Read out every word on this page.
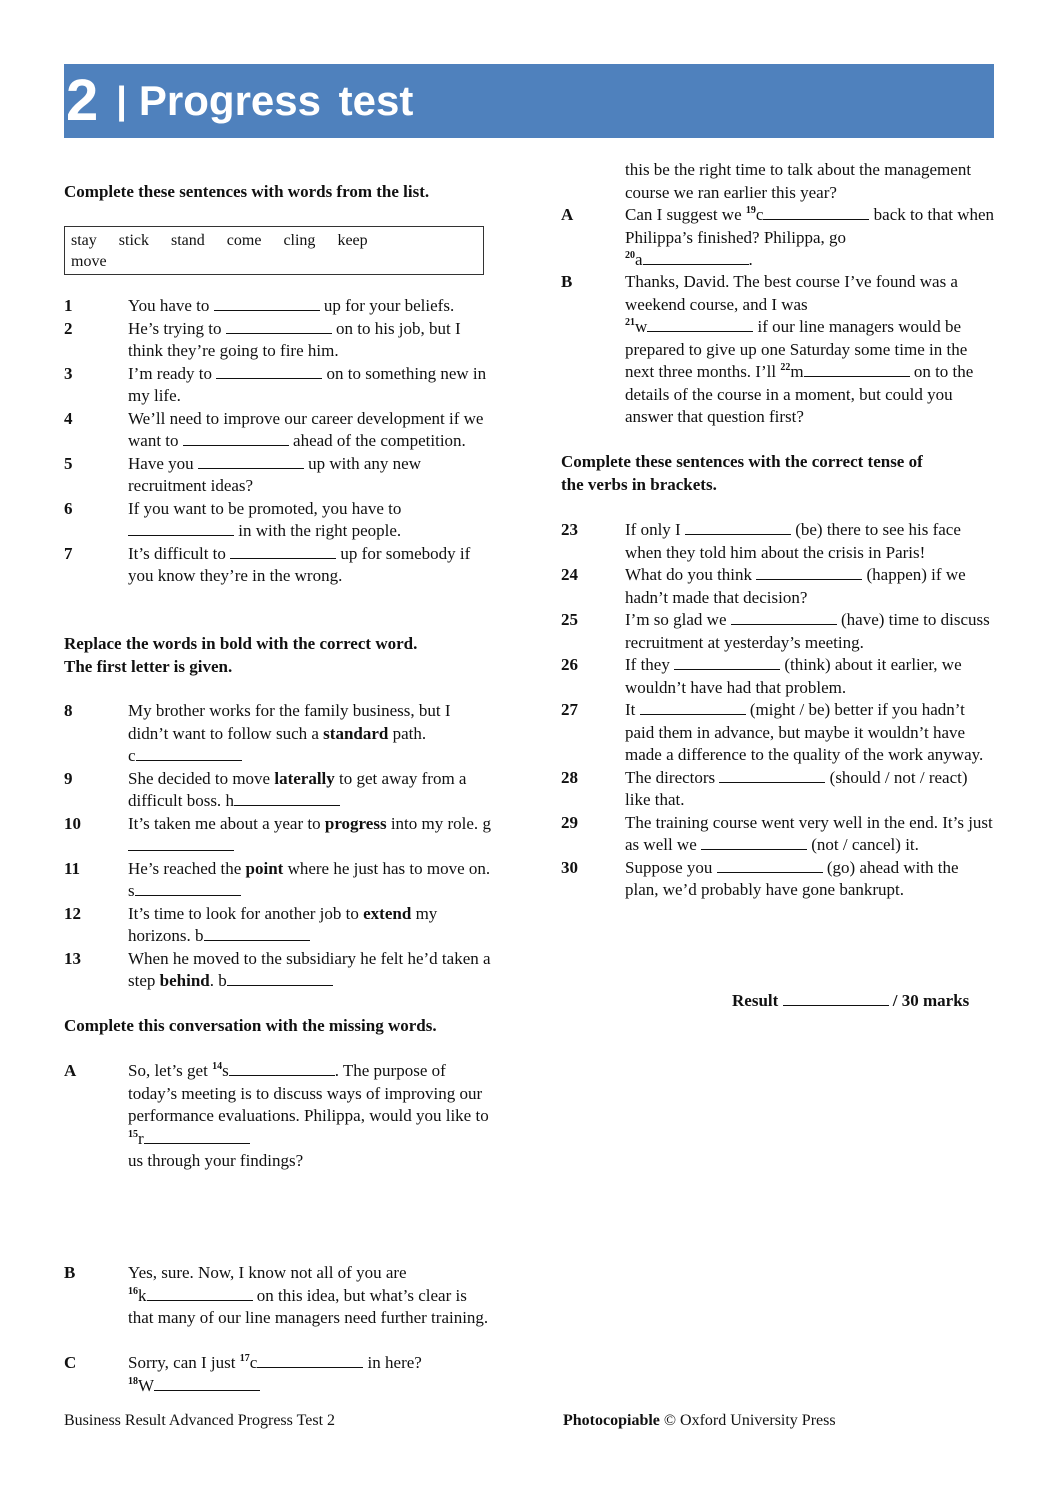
2 | Progress test
Complete these sentences with words from the list.
stay stick stand come cling keep
move
1	You have to	up for your beliefs.
2	He’s trying to	on to his job, but I think they’re going to fire him.
3	I’m ready to	on to something new in my life.
4	We’ll need to improve our career development if we want to	ahead of the competition.
5	Have you	up with any new recruitment ideas?
6	If you want to be promoted, you have to  in with the right people.
7	It’s difficult to	up for somebody if you know they’re in the wrong.
Replace the words in bold with the correct word.
The first letter is given.
8	My brother works for the family business, but I didn’t want to follow such a standard path.
c
9	She decided to move laterally to get away from a difficult boss. h
10	It’s taken me about a year to progress into my role. g
11	He’s reached the point where he just has to move on. s
12	It’s time to look for another job to extend my horizons. b
13	When he moved to the subsidiary he felt he’d taken a step behind. b
Complete this conversation with the missing words.
A	So, let’s get $^{14}$s	. The purpose of today’s meeting is to discuss ways of improving our performance evaluations. Philippa, would you like to $^{15}$r
us through your findings?
B	Yes, sure. Now, I know not all of you are
$^{16}$k	on this idea, but what’s clear is that many of our line managers need further training.
C	Sorry, can I just $^{17}$c	in here?
$^{18}$W
this be the right time to talk about the management course we ran earlier this year?
A	Can I suggest we $^{19}$c	back to that when Philippa’s finished? Philippa, go
$^{20}$a	.
B	Thanks, David. The best course I’ve found was a weekend course, and I was
$^{21}$w	if our line managers would be prepared to give up one Saturday some time in the next three months. I’ll $^{22}$m	on to the details of the course in a moment, but could you answer that question first?
Complete these sentences with the correct tense of
the verbs in brackets.
23	If only I	(be) there to see his face when they told him about the crisis in Paris!
24	What do you think	(happen) if we hadn’t made that decision?
25	I’m so glad we	(have) time to discuss recruitment at yesterday’s meeting.
26	If they	(think) about it earlier, we wouldn’t have had that problem.
27	It	(might / be) better if you hadn’t paid them in advance, but maybe it wouldn’t have made a difference to the quality of the work anyway.
28	The directors	(should / not / react) like that.
29	The training course went very well in the end. It’s just as well we	(not / cancel) it.
30	Suppose you	(go) ahead with the plan, we’d probably have gone bankrupt.
Result	/ 30 marks
Business Result Advanced Progress Test 2	Photocopiable © Oxford University Press
